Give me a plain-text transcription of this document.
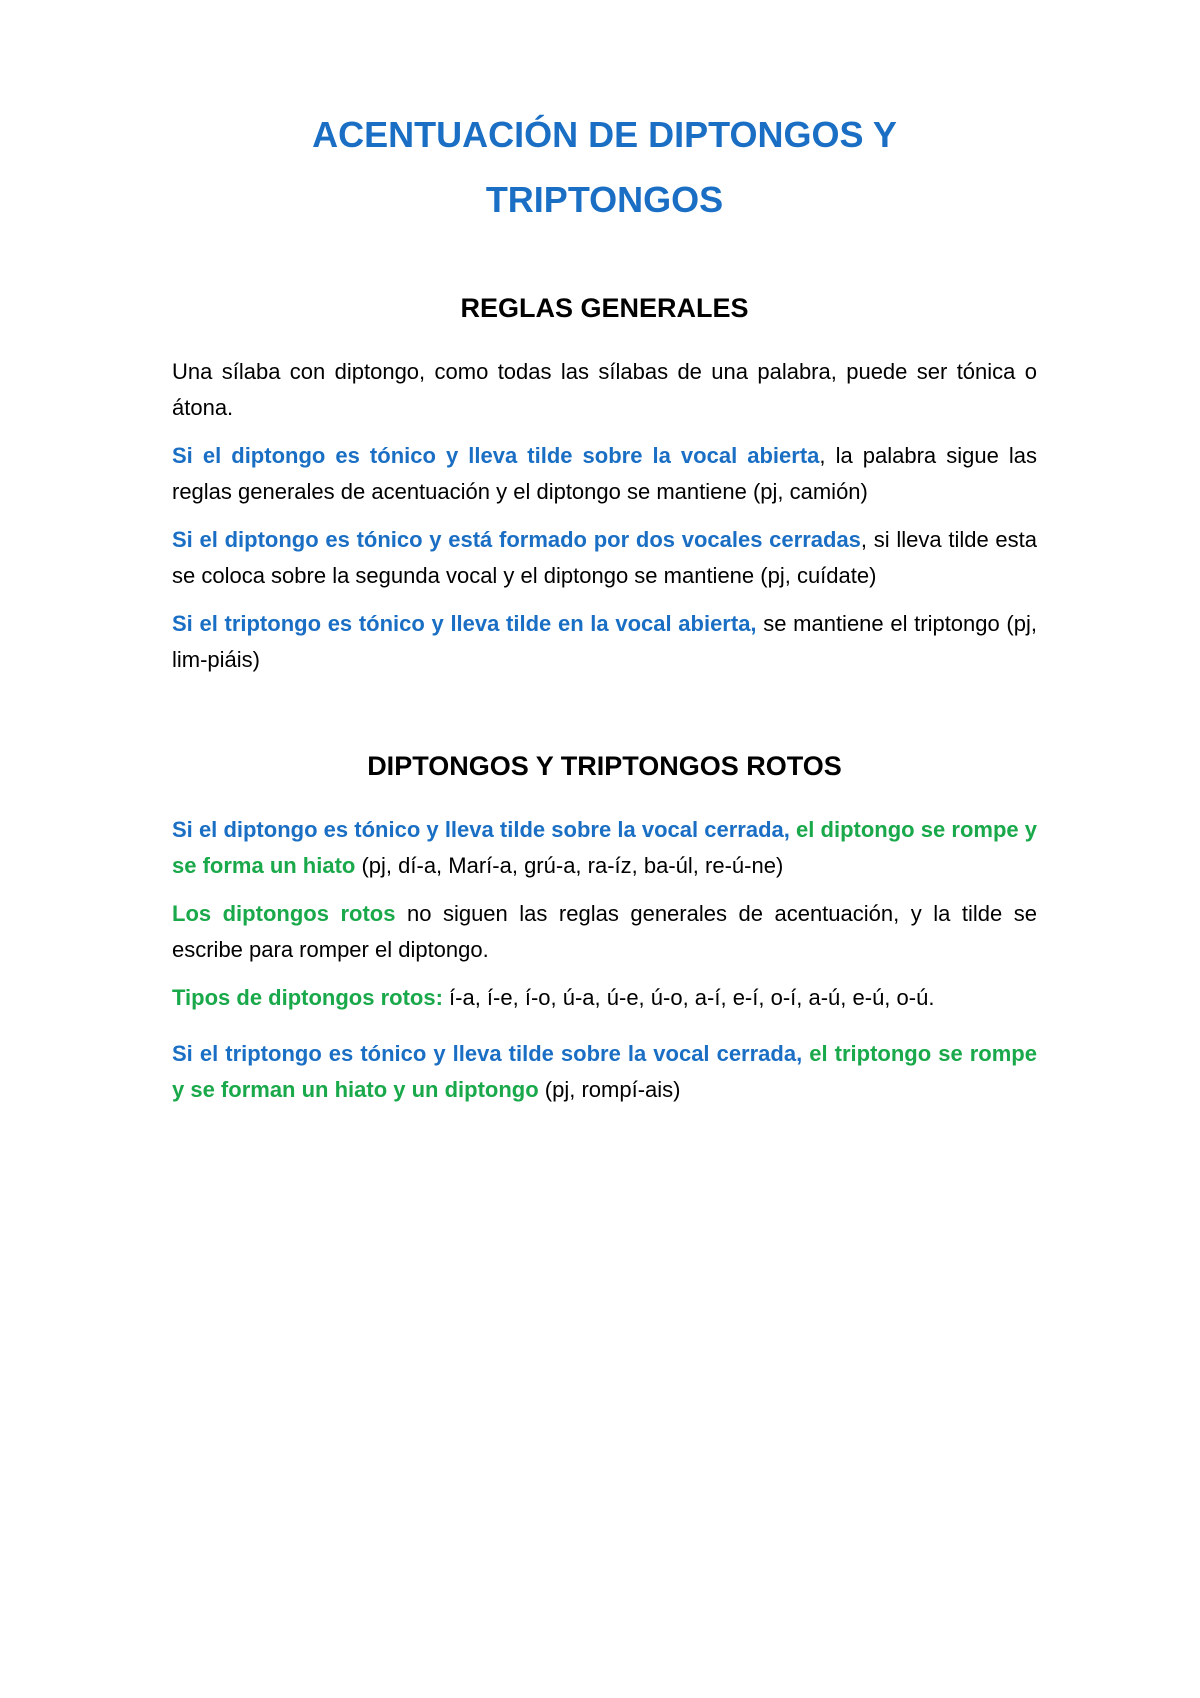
ACENTUACIÓN DE DIPTONGOS Y
TRIPTONGOS
REGLAS GENERALES

Una sílaba con diptongo, como todas las sílabas de una palabra, puede ser tónica o átona.

Si el diptongo es tónico y lleva tilde sobre la vocal abierta, la palabra sigue las reglas generales de acentuación y el diptongo se mantiene (pj, camión)

Si el diptongo es tónico y está formado por dos vocales cerradas, si lleva tilde esta se coloca sobre la segunda vocal y el diptongo se mantiene (pj, cuídate)

Si el triptongo es tónico y lleva tilde en la vocal abierta, se mantiene el triptongo (pj, lim-piáis)

DIPTONGOS Y TRIPTONGOS ROTOS

Si el diptongo es tónico y lleva tilde sobre la vocal cerrada, el diptongo se rompe y se forma un hiato (pj, dí-a, Marí-a, grú-a, ra-íz, ba-úl, re-ú-ne)

Los diptongos rotos no siguen las reglas generales de acentuación, y la tilde se escribe para romper el diptongo.

Tipos de diptongos rotos: í-a, í-e, í-o, ú-a, ú-e, ú-o, a-í, e-í, o-í, a-ú, e-ú, o-ú.

Si el triptongo es tónico y lleva tilde sobre la vocal cerrada, el triptongo se rompe y se forman un hiato y un diptongo (pj, rompí-ais)
